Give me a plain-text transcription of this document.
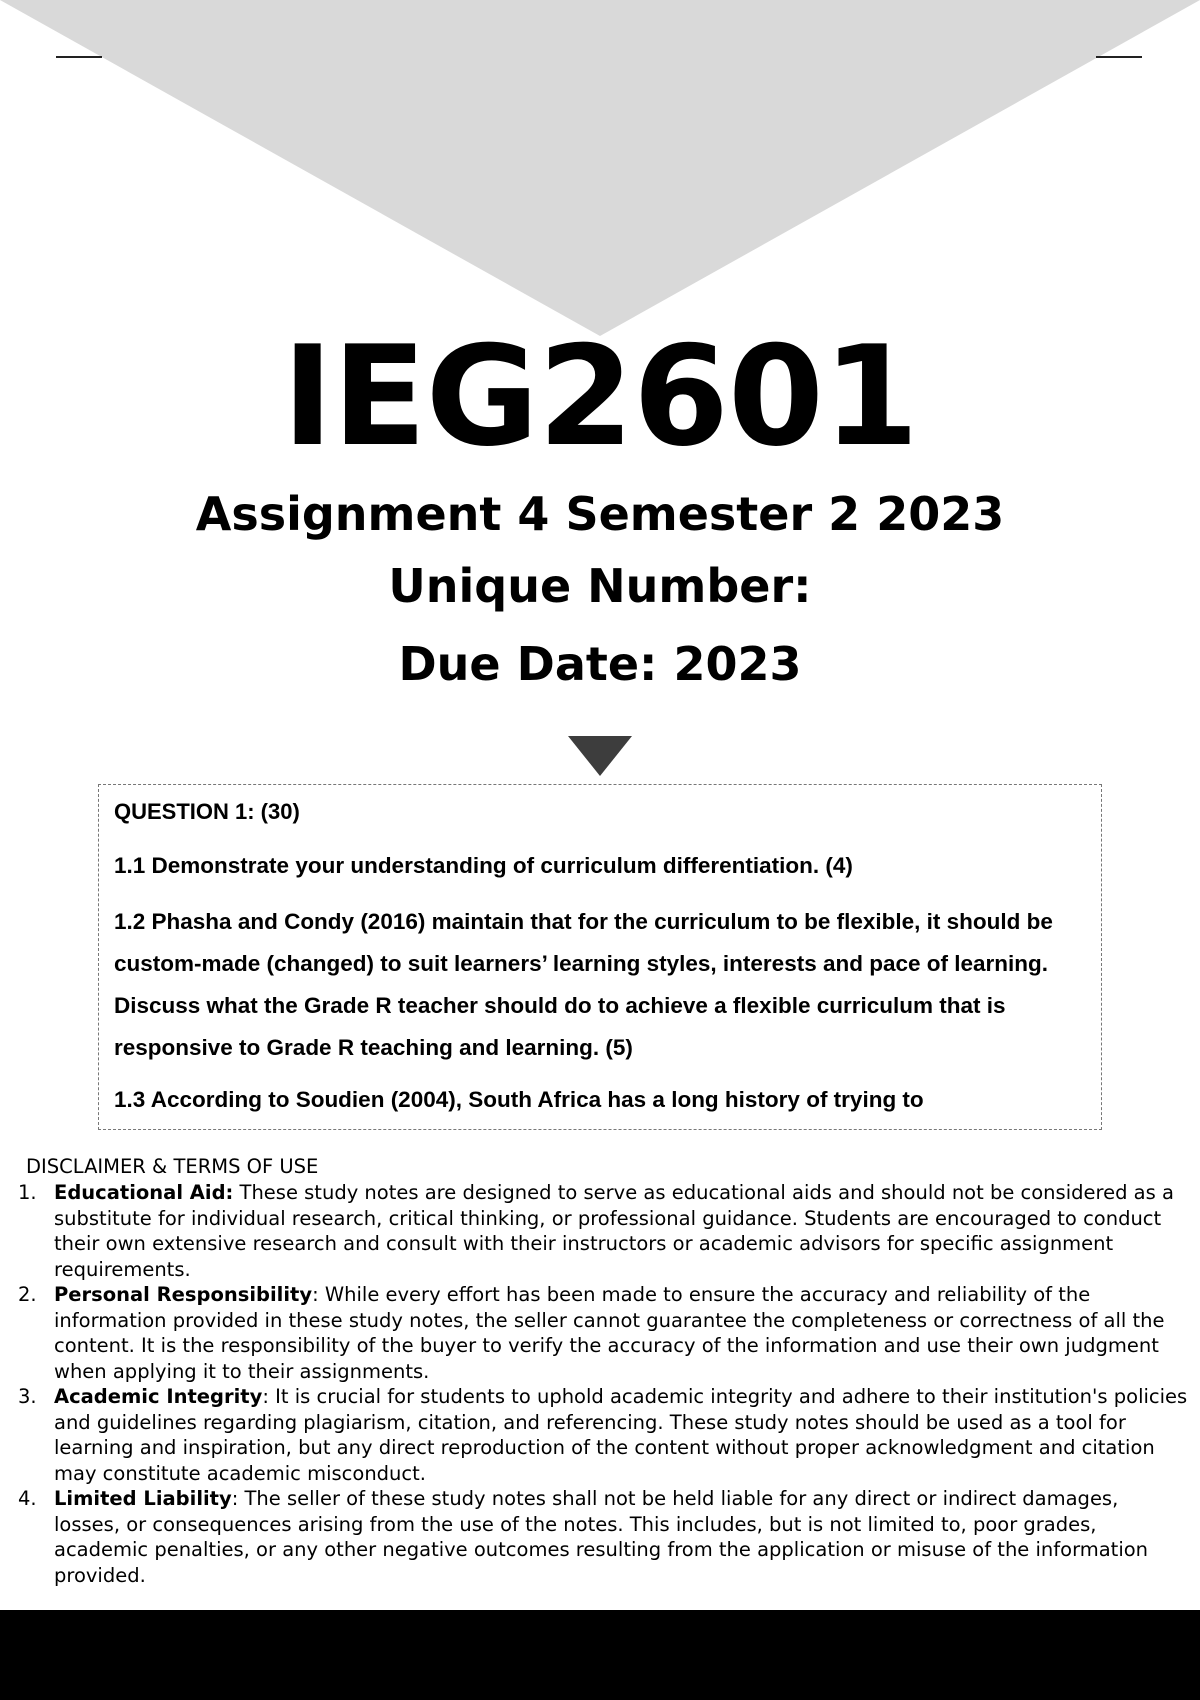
IEG2601

Assignment 4 Semester 2 2023

Unique Number:

Due Date: 2023

QUESTION 1: (30)

1.1 Demonstrate your understanding of curriculum differentiation. (4)

1.2 Phasha and Condy (2016) maintain that for the curriculum to be flexible, it should be custom-made (changed) to suit learners’ learning styles, interests and pace of learning. Discuss what the Grade R teacher should do to achieve a flexible curriculum that is responsive to Grade R teaching and learning. (5)

1.3 According to Soudien (2004), South Africa has a long history of trying to

DISCLAIMER & TERMS OF USE

1. Educational Aid: These study notes are designed to serve as educational aids and should not be considered as a substitute for individual research, critical thinking, or professional guidance. Students are encouraged to conduct their own extensive research and consult with their instructors or academic advisors for specific assignment requirements.
2. Personal Responsibility: While every effort has been made to ensure the accuracy and reliability of the information provided in these study notes, the seller cannot guarantee the completeness or correctness of all the content. It is the responsibility of the buyer to verify the accuracy of the information and use their own judgment when applying it to their assignments.
3. Academic Integrity: It is crucial for students to uphold academic integrity and adhere to their institution's policies and guidelines regarding plagiarism, citation, and referencing. These study notes should be used as a tool for learning and inspiration, but any direct reproduction of the content without proper acknowledgment and citation may constitute academic misconduct.
4. Limited Liability: The seller of these study notes shall not be held liable for any direct or indirect damages, losses, or consequences arising from the use of the notes. This includes, but is not limited to, poor grades, academic penalties, or any other negative outcomes resulting from the application or misuse of the information provided.
